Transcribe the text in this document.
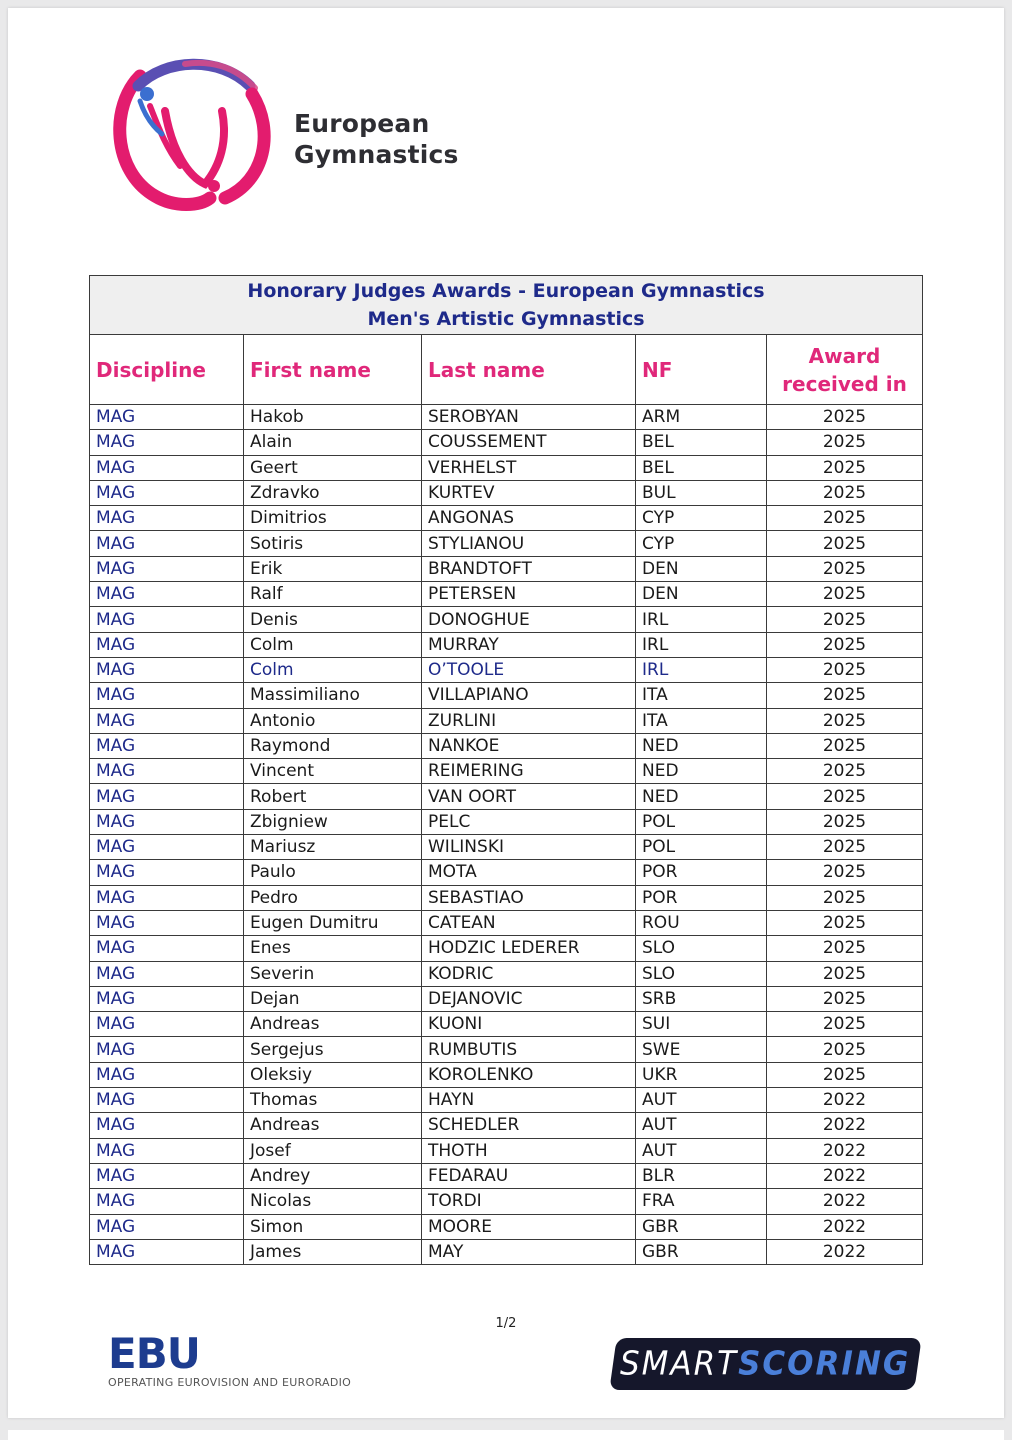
European
Gymnastics
Honorary Judges Awards - European Gymnastics
Men's Artistic Gymnastics				

Discipline	First name	Last name	NF	Award
received in

MAG	Hakob	SEROBYAN	ARM	2025
MAG	Alain	COUSSEMENT	BEL	2025
MAG	Geert	VERHELST	BEL	2025
MAG	Zdravko	KURTEV	BUL	2025
MAG	Dimitrios	ANGONAS	CYP	2025
MAG	Sotiris	STYLIANOU	CYP	2025
MAG	Erik	BRANDTOFT	DEN	2025
MAG	Ralf	PETERSEN	DEN	2025
MAG	Denis	DONOGHUE	IRL	2025
MAG	Colm	MURRAY	IRL	2025
MAG	Colm	O’TOOLE	IRL	2025
MAG	Massimiliano	VILLAPIANO	ITA	2025
MAG	Antonio	ZURLINI	ITA	2025
MAG	Raymond	NANKOE	NED	2025
MAG	Vincent	REIMERING	NED	2025
MAG	Robert	VAN OORT	NED	2025
MAG	Zbigniew	PELC	POL	2025
MAG	Mariusz	WILINSKI	POL	2025
MAG	Paulo	MOTA	POR	2025
MAG	Pedro	SEBASTIAO	POR	2025
MAG	Eugen Dumitru	CATEAN	ROU	2025
MAG	Enes	HODZIC LEDERER	SLO	2025
MAG	Severin	KODRIC	SLO	2025
MAG	Dejan	DEJANOVIC	SRB	2025
MAG	Andreas	KUONI	SUI	2025
MAG	Sergejus	RUMBUTIS	SWE	2025
MAG	Oleksiy	KOROLENKO	UKR	2025
MAG	Thomas	HAYN	AUT	2022
MAG	Andreas	SCHEDLER	AUT	2022
MAG	Josef	THOTH	AUT	2022
MAG	Andrey	FEDARAU	BLR	2022
MAG	Nicolas	TORDI	FRA	2022
MAG	Simon	MOORE	GBR	2022
MAG	James	MAY	GBR	2022
1/2
EBU
OPERATING EUROVISION AND EURORADIO	SMARTSCORING
